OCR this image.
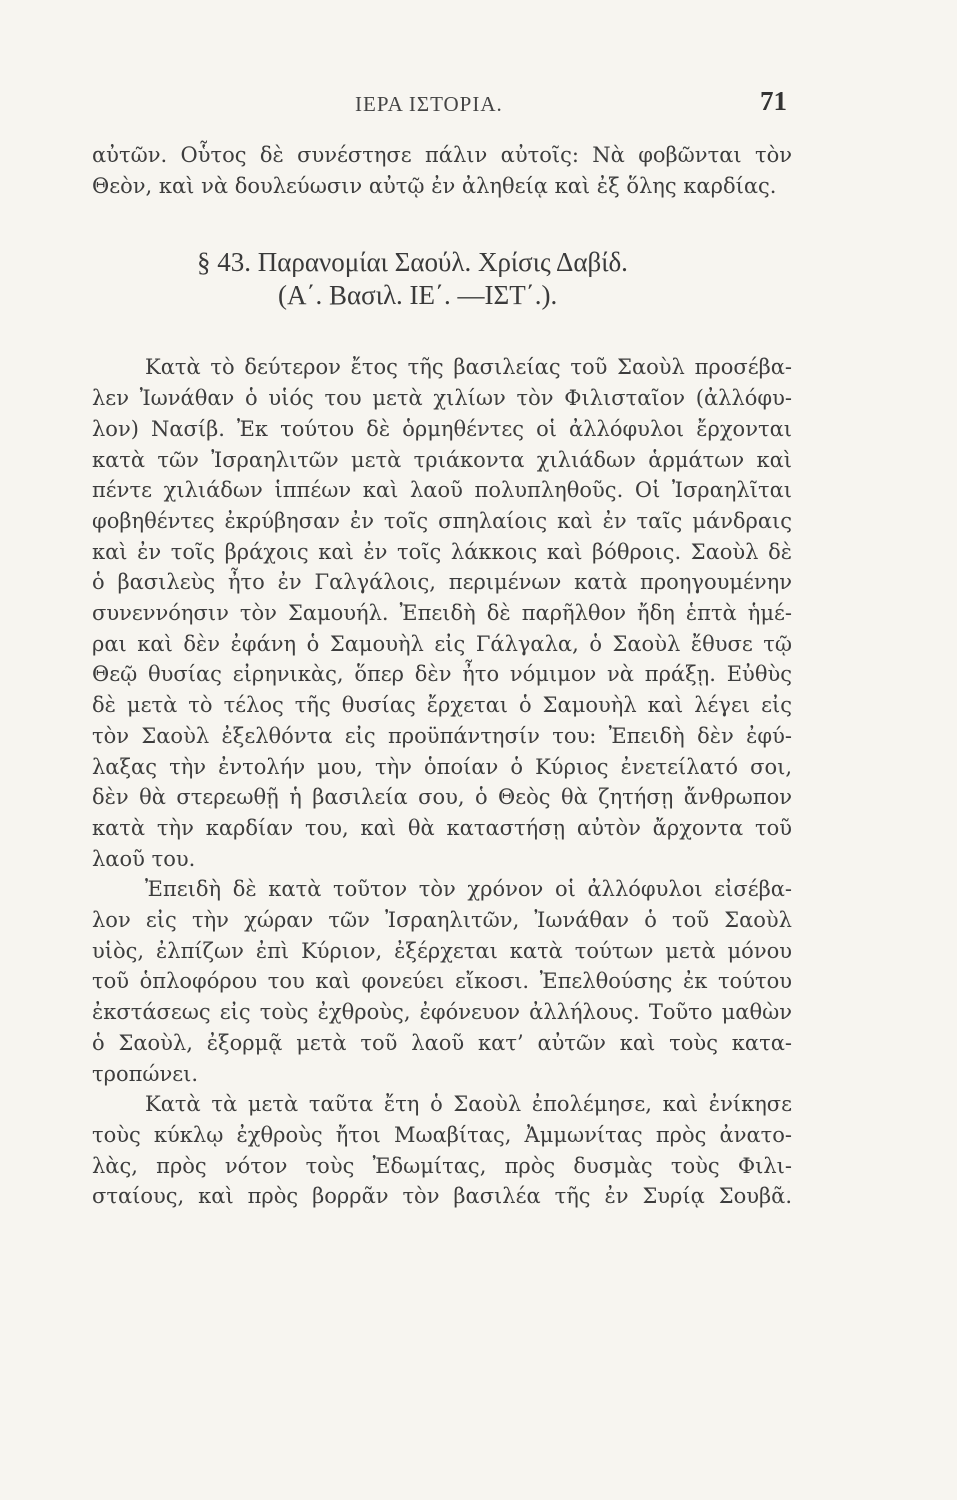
ΙΕΡΑ ΙΣΤΟΡΙΑ.	71
αὐτῶν. Οὗτος δὲ συνέστησε πάλιν αὐτοῖς: Νὰ φοβῶνται τὸν
Θεὸν, καὶ νὰ δουλεύωσιν αὐτῷ ἐν ἀληθείᾳ καὶ ἐξ ὅλης καρδίας.
§ 43. Παρανομίαι Σαούλ. Χρίσις Δαβίδ.
(Α΄. Βασιλ. ΙΕ΄. —ΙΣΤ΄.).
Κατὰ τὸ δεύτερον ἔτος τῆς βασιλείας τοῦ Σαοὺλ προσέβα-
λεν Ἰωνάθαν ὁ υἱός του μετὰ χιλίων τὸν Φιλισταῖον (ἀλλόφυ-
λον) Νασίβ. Ἐκ τούτου δὲ ὁρμηθέντες οἱ ἀλλόφυλοι ἔρχονται
κατὰ τῶν Ἰσραηλιτῶν μετὰ τριάκοντα χιλιάδων ἁρμάτων καὶ
πέντε χιλιάδων ἱππέων καὶ λαοῦ πολυπληθοῦς. Οἱ Ἰσραηλῖται
φοβηθέντες ἐκρύβησαν ἐν τοῖς σπηλαίοις καὶ ἐν ταῖς μάνδραις
καὶ ἐν τοῖς βράχοις καὶ ἐν τοῖς λάκκοις καὶ βόθροις. Σαοὺλ δὲ
ὁ βασιλεὺς ἦτο ἐν Γαλγάλοις, περιμένων κατὰ προηγουμένην
συνεννόησιν τὸν Σαμουήλ. Ἐπειδὴ δὲ παρῆλθον ἤδη ἑπτὰ ἡμέ-
ραι καὶ δὲν ἐφάνη ὁ Σαμουὴλ εἰς Γάλγαλα, ὁ Σαοὺλ ἔθυσε τῷ
Θεῷ θυσίας εἰρηνικὰς, ὅπερ δὲν ἦτο νόμιμον νὰ πράξῃ. Εὐθὺς
δὲ μετὰ τὸ τέλος τῆς θυσίας ἔρχεται ὁ Σαμουὴλ καὶ λέγει εἰς
τὸν Σαοὺλ ἐξελθόντα εἰς προϋπάντησίν του: Ἐπειδὴ δὲν ἐφύ-
λαξας τὴν ἐντολήν μου, τὴν ὁποίαν ὁ Κύριος ἐνετείλατό σοι,
δὲν θὰ στερεωθῇ ἡ βασιλεία σου, ὁ Θεὸς θὰ ζητήσῃ ἄνθρωπον
κατὰ τὴν καρδίαν του, καὶ θὰ καταστήσῃ αὐτὸν ἄρχοντα τοῦ
λαοῦ του.
Ἐπειδὴ δὲ κατὰ τοῦτον τὸν χρόνον οἱ ἀλλόφυλοι εἰσέβα-
λον εἰς τὴν χώραν τῶν Ἰσραηλιτῶν, Ἰωνάθαν ὁ τοῦ Σαοὺλ
υἱὸς, ἐλπίζων ἐπὶ Κύριον, ἐξέρχεται κατὰ τούτων μετὰ μόνου
τοῦ ὁπλοφόρου του καὶ φονεύει εἴκοσι. Ἐπελθούσης ἐκ τούτου
ἐκστάσεως εἰς τοὺς ἐχθροὺς, ἐφόνευον ἀλλήλους. Τοῦτο μαθὼν
ὁ Σαοὺλ, ἐξορμᾷ μετὰ τοῦ λαοῦ κατ’ αὐτῶν καὶ τοὺς κατα-
τροπώνει.
Κατὰ τὰ μετὰ ταῦτα ἔτη ὁ Σαοὺλ ἐπολέμησε, καὶ ἐνίκησε
τοὺς κύκλῳ ἐχθροὺς ἤτοι Μωαβίτας, Ἀμμωνίτας πρὸς ἀνατο-
λὰς, πρὸς νότον τοὺς Ἐδωμίτας, πρὸς δυσμὰς τοὺς Φιλι-
σταίους, καὶ πρὸς βορρᾶν τὸν βασιλέα τῆς ἐν Συρίᾳ Σουβᾶ.
